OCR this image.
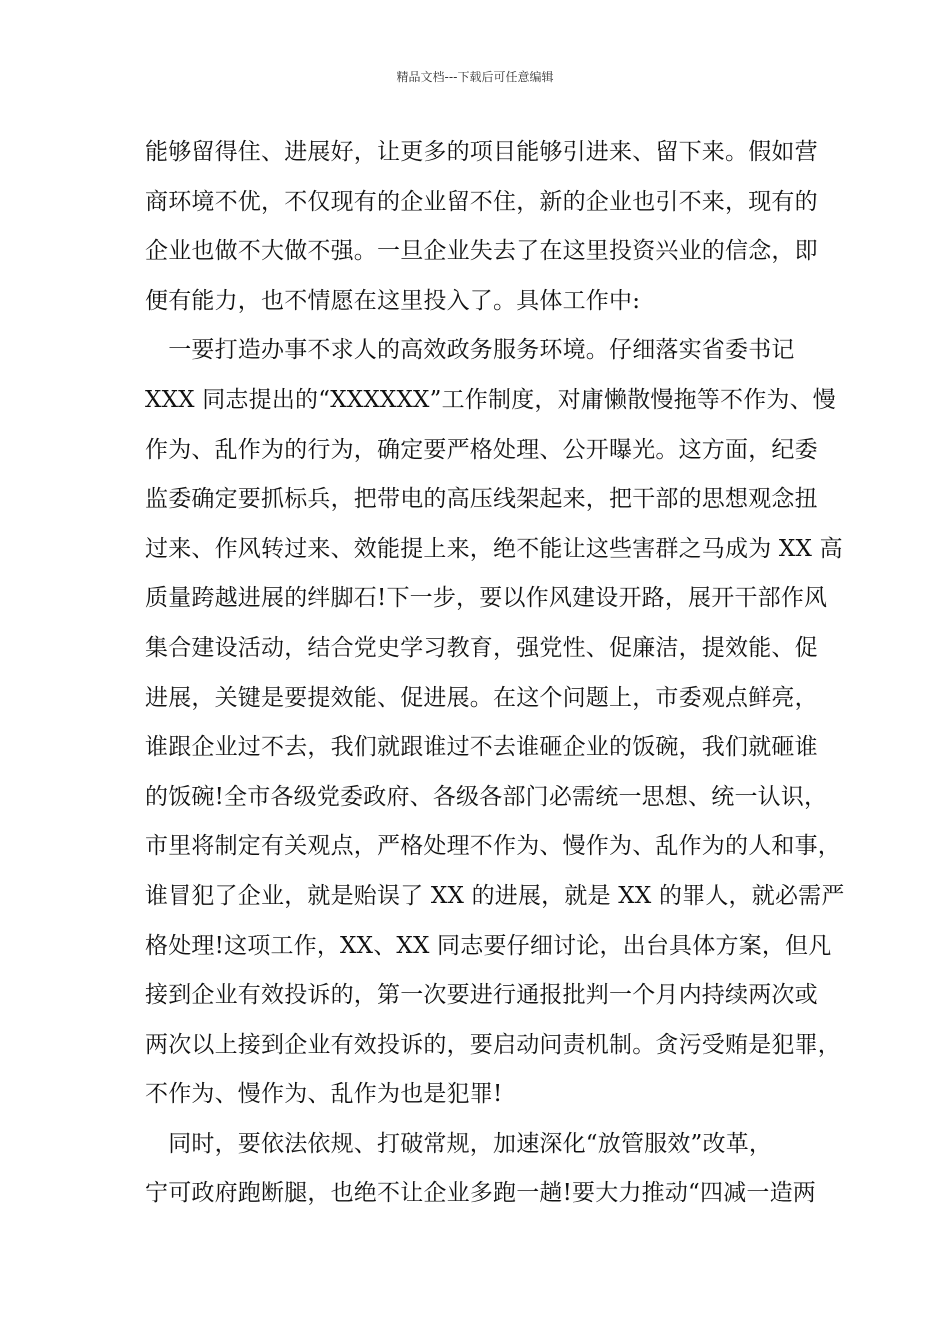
精品文档---下载后可任意编辑
能够留得住、进展好，让更多的项目能够引进来、留下来。假如营
商环境不优，不仅现有的企业留不住，新的企业也引不来，现有的
企业也做不大做不强。一旦企业失去了在这里投资兴业的信念，即
便有能力，也不情愿在这里投入了。具体工作中:
　一要打造办事不求人的高效政务服务环境。仔细落实省委书记
XXX 同志提出的“XXXXXX”工作制度，对庸懒散慢拖等不作为、慢
作为、乱作为的行为，确定要严格处理、公开曝光。这方面，纪委
监委确定要抓标兵，把带电的高压线架起来，把干部的思想观念扭
过来、作风转过来、效能提上来，绝不能让这些害群之马成为 XX 高
质量跨越进展的绊脚石!下一步，要以作风建设开路，展开干部作风
集合建设活动，结合党史学习教育，强党性、促廉洁，提效能、促
进展，关键是要提效能、促进展。在这个问题上，市委观点鲜亮，
谁跟企业过不去，我们就跟谁过不去谁砸企业的饭碗，我们就砸谁
的饭碗!全市各级党委政府、各级各部门必需统一思想、统一认识，
市里将制定有关观点，严格处理不作为、慢作为、乱作为的人和事，
谁冒犯了企业，就是贻误了 XX 的进展，就是 XX 的罪人，就必需严
格处理!这项工作，XX、XX 同志要仔细讨论，出台具体方案，但凡
接到企业有效投诉的，第一次要进行通报批判一个月内持续两次或
两次以上接到企业有效投诉的，要启动问责机制。贪污受贿是犯罪，
不作为、慢作为、乱作为也是犯罪!
　同时，要依法依规、打破常规，加速深化“放管服效”改革，
宁可政府跑断腿，也绝不让企业多跑一趟!要大力推动“四减一造两
